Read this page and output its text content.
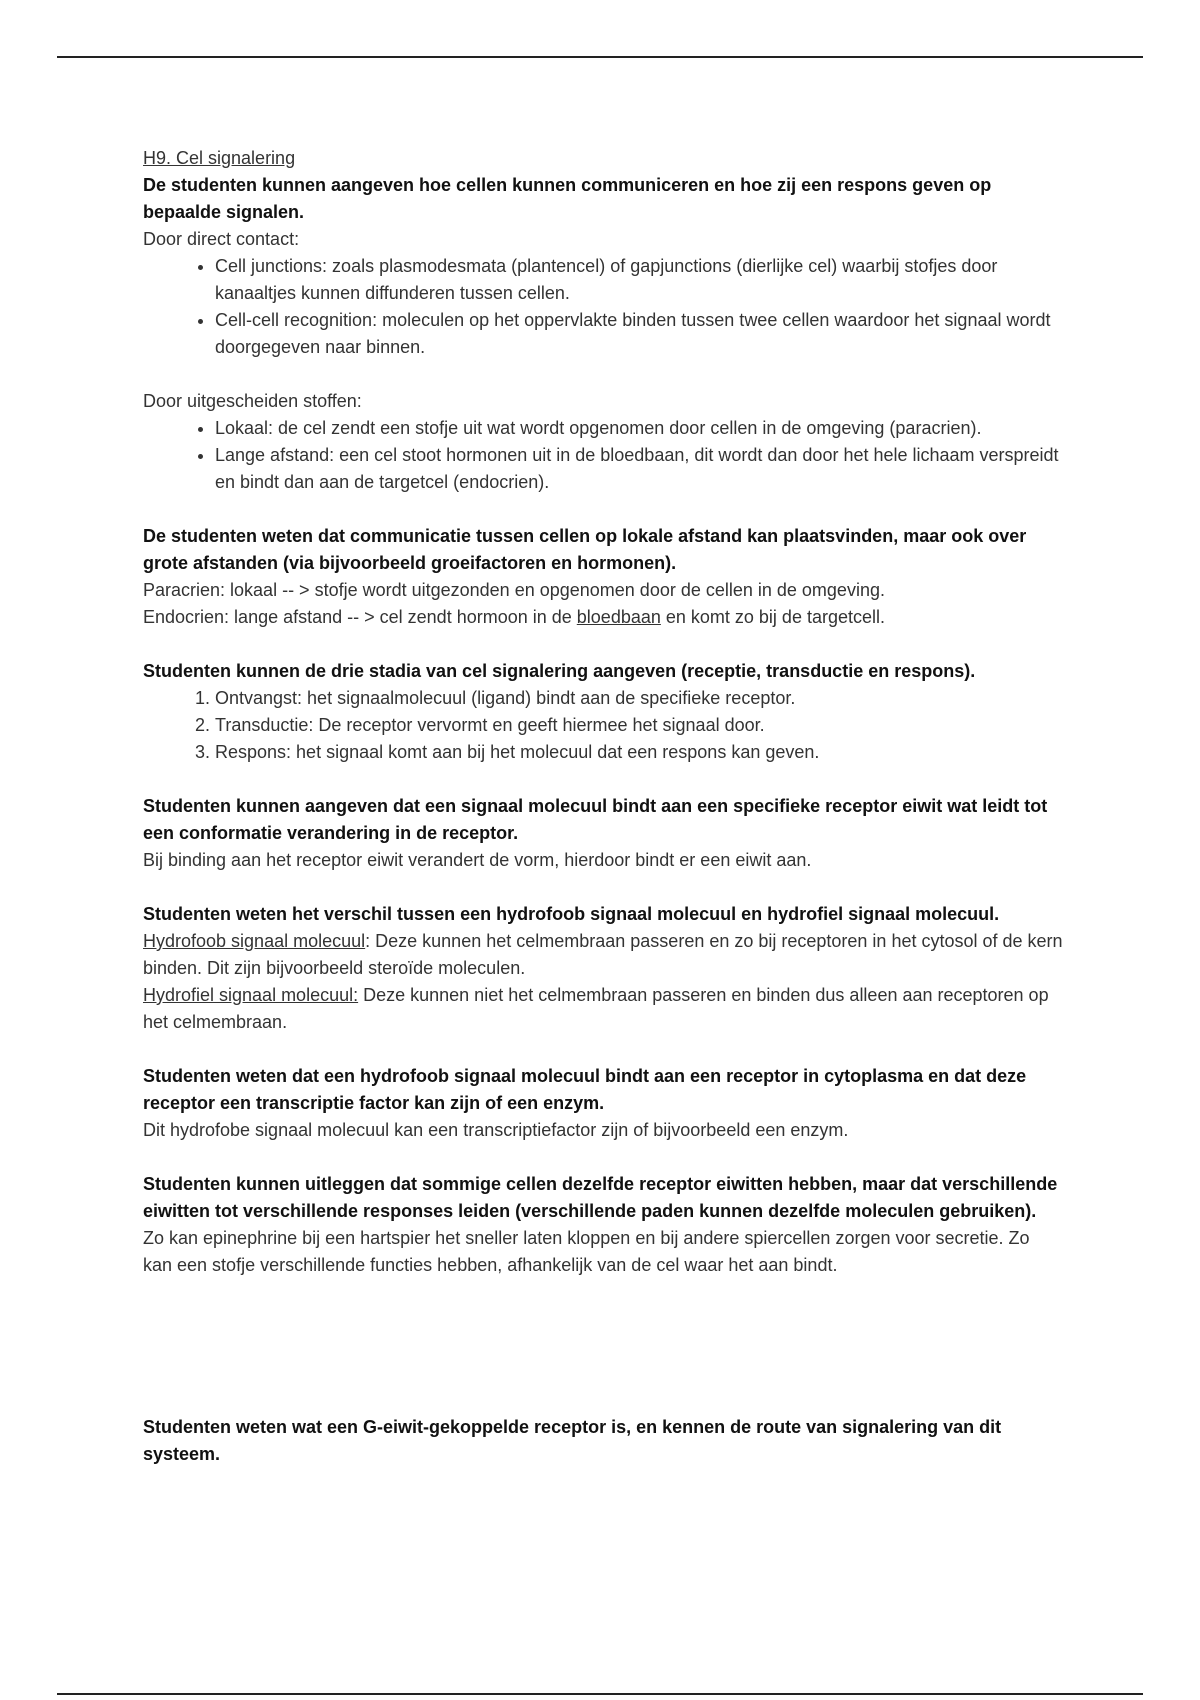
H9. Cel signalering

De studenten kunnen aangeven hoe cellen kunnen communiceren en hoe zij een respons geven op bepaalde signalen.

Door direct contact:

• Cell junctions: zoals plasmodesmata (plantencel) of gapjunctions (dierlijke cel) waarbij stofjes door kanaaltjes kunnen diffunderen tussen cellen.
• Cell-cell recognition: moleculen op het oppervlakte binden tussen twee cellen waardoor het signaal wordt doorgegeven naar binnen.

Door uitgescheiden stoffen:

• Lokaal: de cel zendt een stofje uit wat wordt opgenomen door cellen in de omgeving (paracrien).
• Lange afstand: een cel stoot hormonen uit in de bloedbaan, dit wordt dan door het hele lichaam verspreidt en bindt dan aan de targetcel (endocrien).

De studenten weten dat communicatie tussen cellen op lokale afstand kan plaatsvinden, maar ook over grote afstanden (via bijvoorbeeld groeifactoren en hormonen).

Paracrien: lokaal -- > stofje wordt uitgezonden en opgenomen door de cellen in de omgeving.

Endocrien: lange afstand -- > cel zendt hormoon in de bloedbaan en komt zo bij de targetcell.

Studenten kunnen de drie stadia van cel signalering aangeven (receptie, transductie en respons).

1. Ontvangst: het signaalmolecuul (ligand) bindt aan de specifieke receptor.
2. Transductie: De receptor vervormt en geeft hiermee het signaal door.
3. Respons: het signaal komt aan bij het molecuul dat een respons kan geven.

Studenten kunnen aangeven dat een signaal molecuul bindt aan een specifieke receptor eiwit wat leidt tot een conformatie verandering in de receptor.

Bij binding aan het receptor eiwit verandert de vorm, hierdoor bindt er een eiwit aan.

Studenten weten het verschil tussen een hydrofoob signaal molecuul en hydrofiel signaal molecuul.

Hydrofoob signaal molecuul: Deze kunnen het celmembraan passeren en zo bij receptoren in het cytosol of de kern binden. Dit zijn bijvoorbeeld steroïde moleculen.

Hydrofiel signaal molecuul: Deze kunnen niet het celmembraan passeren en binden dus alleen aan receptoren op het celmembraan.

Studenten weten dat een hydrofoob signaal molecuul bindt aan een receptor in cytoplasma en dat deze receptor een transcriptie factor kan zijn of een enzym.

Dit hydrofobe signaal molecuul kan een transcriptiefactor zijn of bijvoorbeeld een enzym.

Studenten kunnen uitleggen dat sommige cellen dezelfde receptor eiwitten hebben, maar dat verschillende eiwitten tot verschillende responses leiden (verschillende paden kunnen dezelfde moleculen gebruiken).

Zo kan epinephrine bij een hartspier het sneller laten kloppen en bij andere spiercellen zorgen voor secretie. Zo kan een stofje verschillende functies hebben, afhankelijk van de cel waar het aan bindt.

Studenten weten wat een G-eiwit-gekoppelde receptor is, en kennen de route van signalering van dit systeem.
